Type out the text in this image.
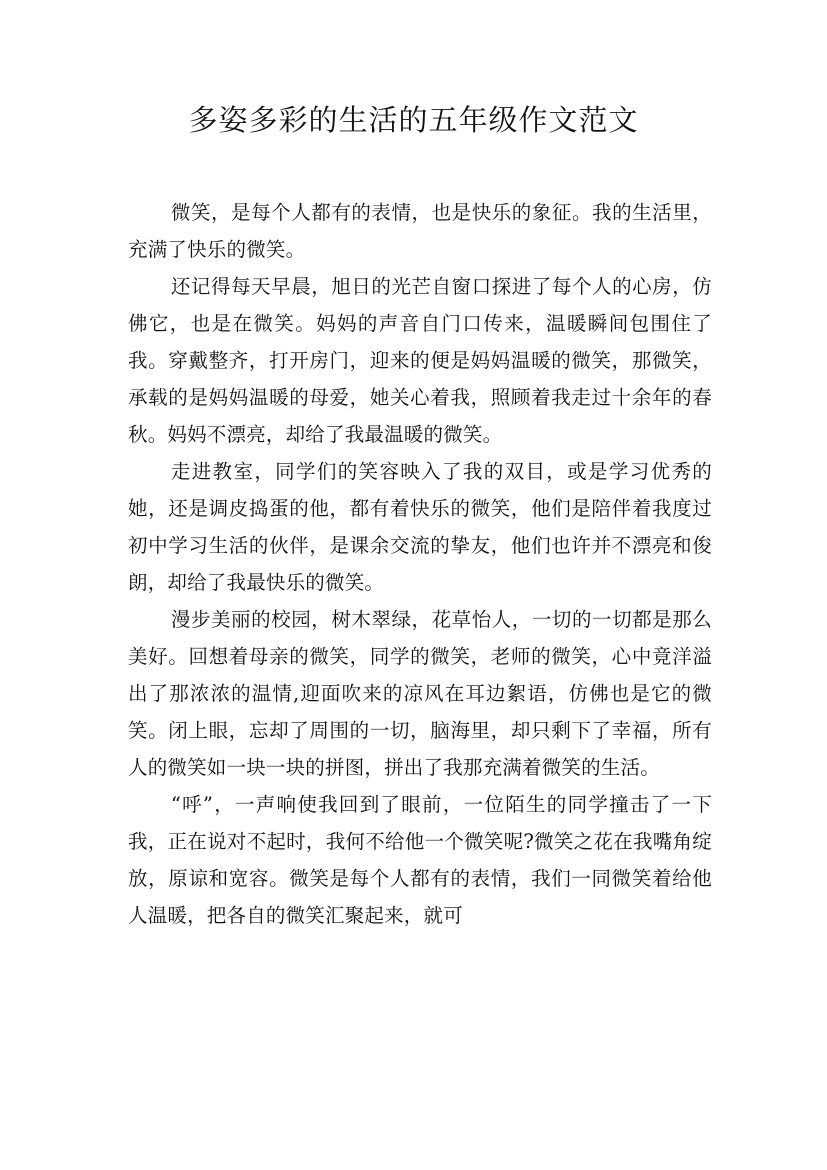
多姿多彩的生活的五年级作文范文

微笑，是每个人都有的表情，也是快乐的象征。我的生活里，充满了快乐的微笑。

还记得每天早晨，旭日的光芒自窗口探进了每个人的心房，仿佛它，也是在微笑。妈妈的声音自门口传来，温暖瞬间包围住了我。穿戴整齐，打开房门，迎来的便是妈妈温暖的微笑，那微笑，承载的是妈妈温暖的母爱，她关心着我，照顾着我走过十余年的春秋。妈妈不漂亮，却给了我最温暖的微笑。

走进教室，同学们的笑容映入了我的双目，或是学习优秀的她，还是调皮捣蛋的他，都有着快乐的微笑，他们是陪伴着我度过初中学习生活的伙伴，是课余交流的挚友，他们也许并不漂亮和俊朗，却给了我最快乐的微笑。

漫步美丽的校园，树木翠绿，花草怡人，一切的一切都是那么美好。回想着母亲的微笑，同学的微笑，老师的微笑，心中竟洋溢出了那浓浓的温情,迎面吹来的凉风在耳边絮语，仿佛也是它的微笑。闭上眼，忘却了周围的一切，脑海里，却只剩下了幸福，所有人的微笑如一块一块的拼图，拼出了我那充满着微笑的生活。

“呼”，一声响使我回到了眼前，一位陌生的同学撞击了一下我，正在说对不起时，我何不给他一个微笑呢?微笑之花在我嘴角绽放，原谅和宽容。微笑是每个人都有的表情，我们一同微笑着给他人温暖，把各自的微笑汇聚起来，就可
